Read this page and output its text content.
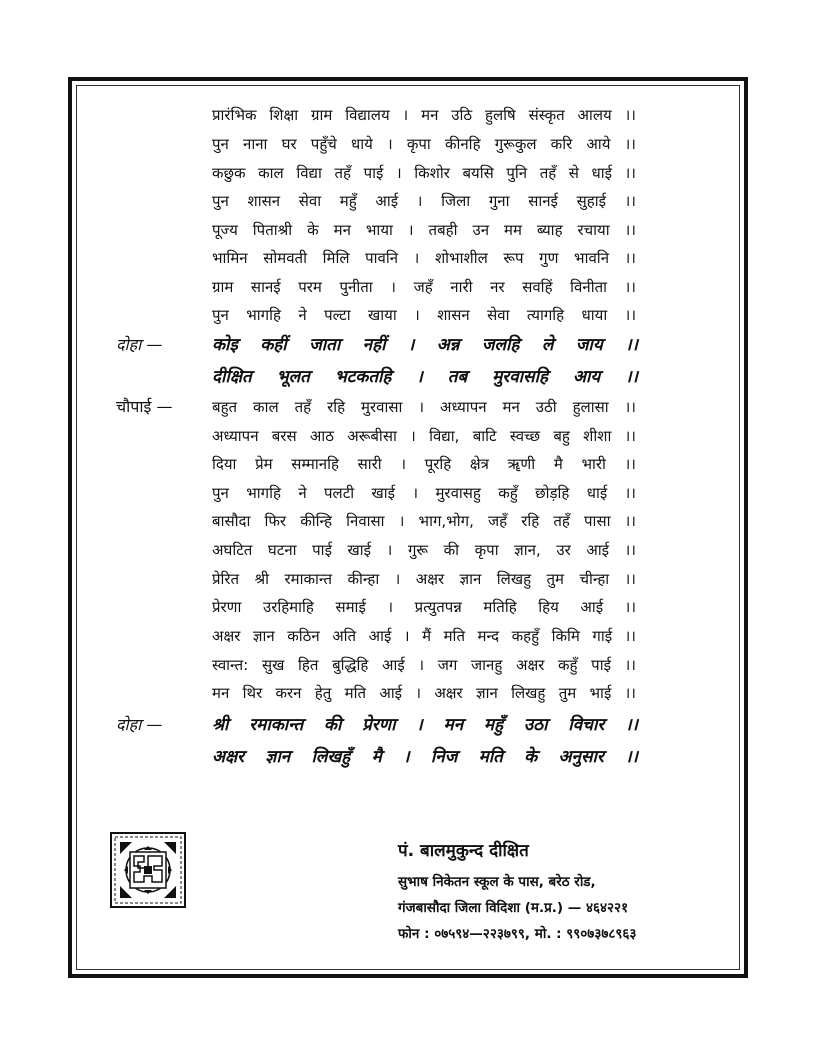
दोहा —
चौपाई —
दोहा —
प्रारंभिक शिक्षा ग्राम विद्यालय । मन उठि हुलषि संस्कृत आलय ।।
पुन नाना घर पहुँचे धाये । कृपा कीनहि गुरूकुल करि आये ।।
कछुक काल विद्या तहँ पाई । किशोर बयसि पुनि तहँ से धाई ।।
पुन शासन सेवा महुँ आई । जिला गुना सानई सुहाई ।।
पूज्य पिताश्री के मन भाया । तबही उन मम ब्याह रचाया ।।
भामिन सोमवती मिलि पावनि । शोभाशील रूप गुण भावनि ।।
ग्राम सानई परम पुनीता । जहँ नारी नर सवहिं विनीता ।।
पुन भागहि ने पल्टा खाया । शासन सेवा त्यागहि धाया ।।
कोइ कहीं जाता नहीं । अन्न जलहि ले जाय ।।
दीक्षित भूलत भटकतहि । तब मुरवासहि आय ।।
बहुत काल तहँ रहि मुरवासा । अध्यापन मन उठी हुलासा ।।
अध्यापन बरस आठ अरूबीसा । विद्या, बाटि स्वच्छ बहु शीशा ।।
दिया प्रेम सम्मानहि सारी । पूरहि क्षेत्र ॠणी मै भारी ।।
पुन भागहि ने पलटी खाई । मुरवासहु कहुँ छोड़हि धाई ।।
बासौदा फिर कीन्हि निवासा । भाग,भोग, जहँ रहि तहँ पासा ।।
अघटित घटना पाई खाई । गुरू की कृपा ज्ञान, उर आई ।।
प्रेरित श्री रमाकान्त कीन्हा । अक्षर ज्ञान लिखहु तुम चीन्हा ।।
प्रेरणा उरहिमाहि समाई । प्रत्युतपन्न मतिहि हिय आई ।।
अक्षर ज्ञान कठिन अति आई । मैं मति मन्द कहहुँ किमि गाई ।।
स्वान्त: सुख हित बुद्धिहि आई । जग जानहु अक्षर कहुँ पाई ।।
मन थिर करन हेतु मति आई । अक्षर ज्ञान लिखहु तुम भाई ।।
श्री रमाकान्त की प्रेरणा । मन महुँ उठा विचार ।।
अक्षर ज्ञान लिखहुँ मै । निज मति के अनुसार ।।
पं. बालमुकुन्द दीक्षित
सुभाष निकेतन स्कूल के पास, बरेठ रोड,
गंजबासौदा जिला विदिशा (म.प्र.) — ४६४२२१
फोन : ०७५९४—२२३७९९, मो. : ९९०७३७८९६३
